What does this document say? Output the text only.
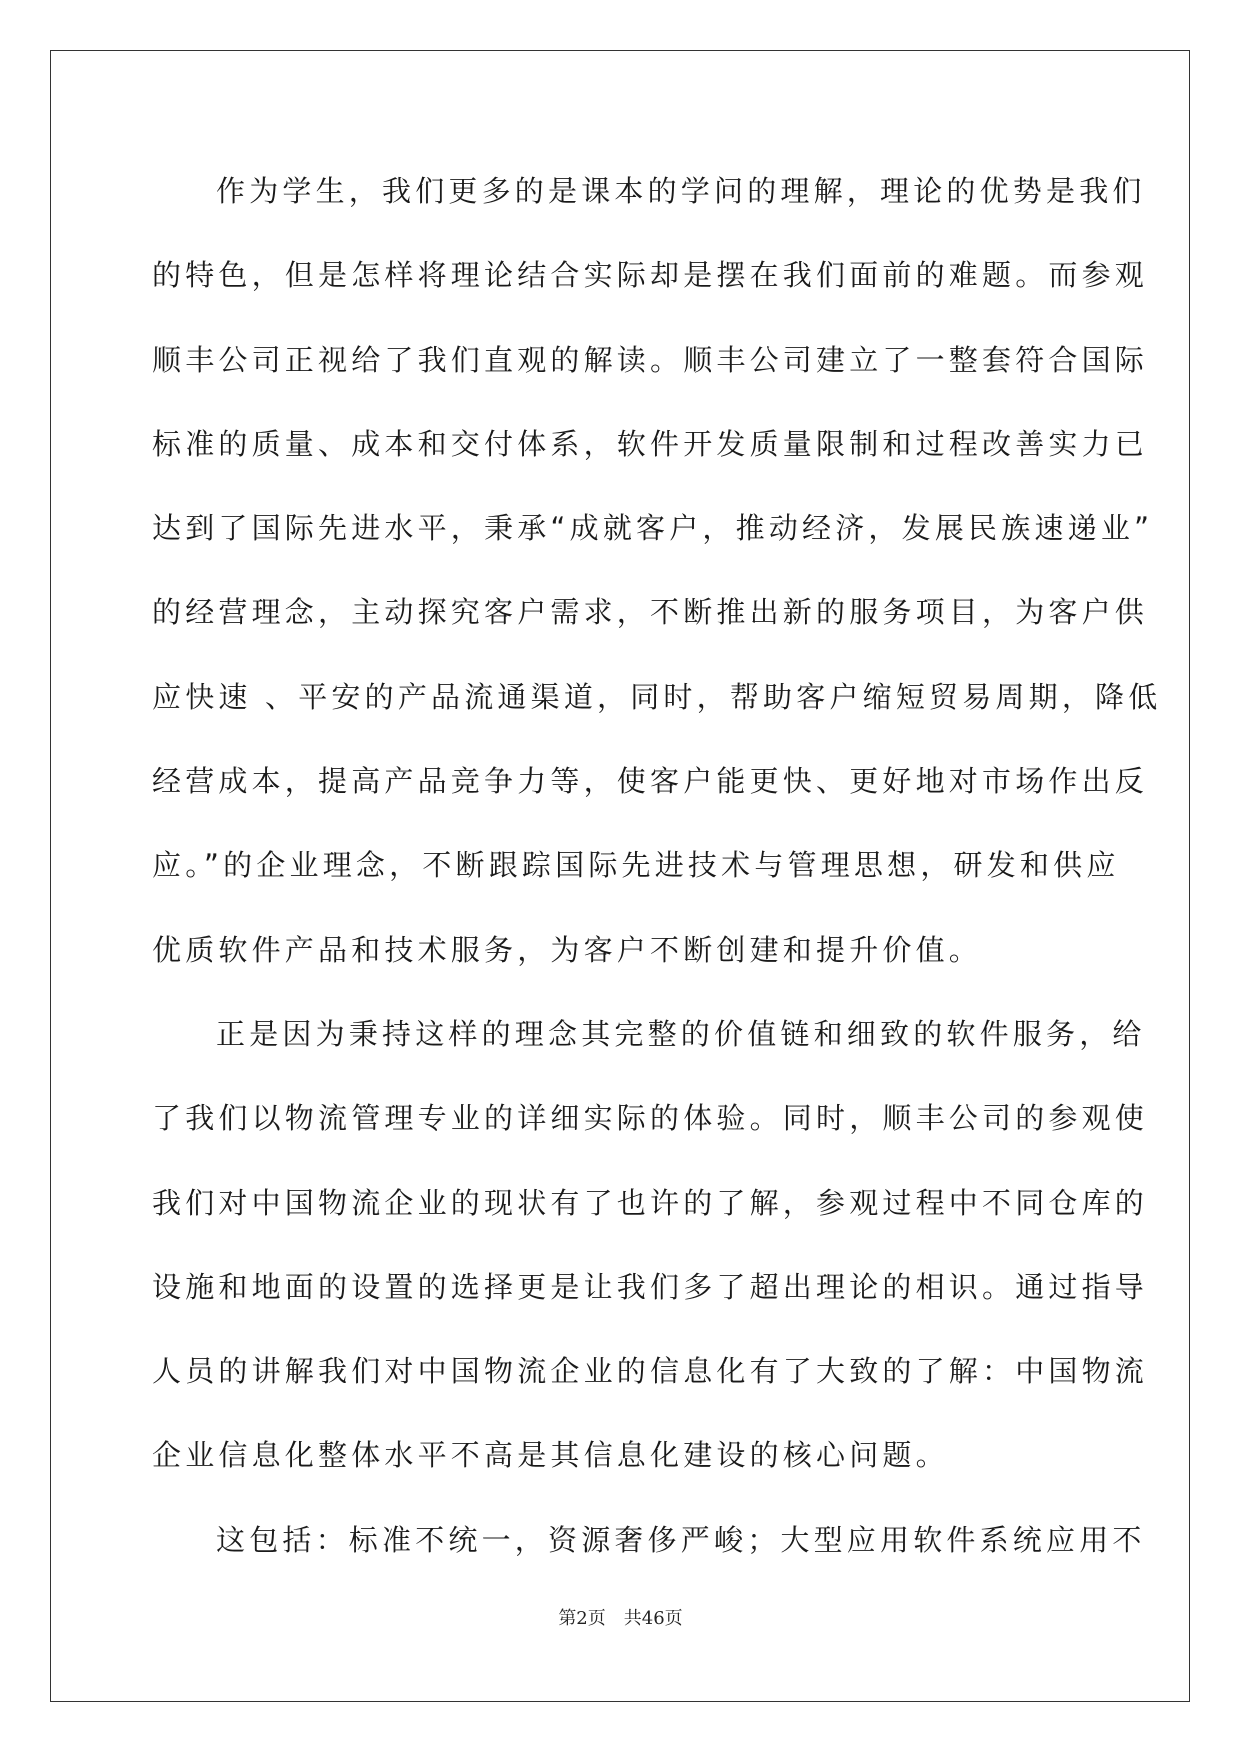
作为学生，我们更多的是课本的学问的理解，理论的优势是我们
的特色，但是怎样将理论结合实际却是摆在我们面前的难题。而参观
顺丰公司正视给了我们直观的解读。顺丰公司建立了一整套符合国际
标准的质量、成本和交付体系，软件开发质量限制和过程改善实力已
达到了国际先进水平，秉承“成就客户，推动经济，发展民族速递业”
的经营理念，主动探究客户需求，不断推出新的服务项目，为客户供
应快速 、平安的产品流通渠道，同时，帮助客户缩短贸易周期，降低
经营成本，提高产品竞争力等，使客户能更快、更好地对市场作出反
应。”的企业理念，不断跟踪国际先进技术与管理思想，研发和供应
优质软件产品和技术服务，为客户不断创建和提升价值。
正是因为秉持这样的理念其完整的价值链和细致的软件服务，给
了我们以物流管理专业的详细实际的体验。同时，顺丰公司的参观使
我们对中国物流企业的现状有了也许的了解，参观过程中不同仓库的
设施和地面的设置的选择更是让我们多了超出理论的相识。通过指导
人员的讲解我们对中国物流企业的信息化有了大致的了解：中国物流
企业信息化整体水平不高是其信息化建设的核心问题。
这包括：标准不统一，资源奢侈严峻；大型应用软件系统应用不
第2页 共46页
